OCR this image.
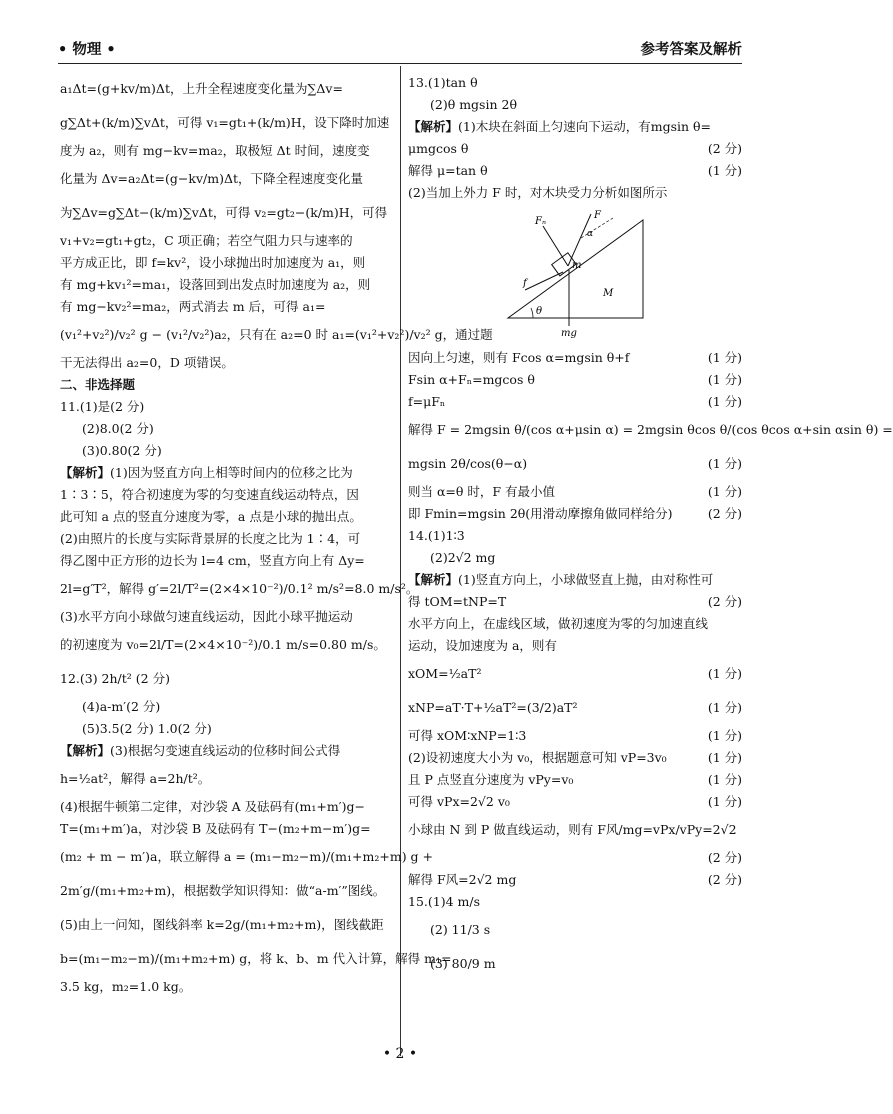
• 物理 •	参考答案及解析
a₁Δt=(g+kv/m)Δt，上升全程速度变化量为∑Δv=
g∑Δt+(k/m)∑vΔt，可得 v₁=gt₁+(k/m)H，设下降时加速
度为 a₂，则有 mg−kv=ma₂，取极短 Δt 时间，速度变
化量为 Δv=a₂Δt=(g−kv/m)Δt，下降全程速度变化量
为∑Δv=g∑Δt−(k/m)∑vΔt，可得 v₂=gt₂−(k/m)H，可得
v₁+v₂=gt₁+gt₂，C 项正确；若空气阻力只与速率的
平方成正比，即 f=kv²，设小球抛出时加速度为 a₁，则
有 mg+kv₁²=ma₁，设落回到出发点时加速度为 a₂，则
有 mg−kv₂²=ma₂，两式消去 m 后，可得 a₁=
(v₁²+v₂²)/v₂² g − (v₁²/v₂²)a₂，只有在 a₂=0 时 a₁=(v₁²+v₂²)/v₂² g，通过题
干无法得出 a₂=0，D 项错误。
二、非选择题
11.(1)是(2 分)
(2)8.0(2 分)
(3)0.80(2 分)
【解析】(1)因为竖直方向上相等时间内的位移之比为
1∶3∶5，符合初速度为零的匀变速直线运动特点，因
此可知 a 点的竖直分速度为零，a 点是小球的抛出点。
(2)由照片的长度与实际背景屏的长度之比为 1∶4，可
得乙图中正方形的边长为 l=4 cm，竖直方向上有 Δy=
2l=g′T²，解得 g′=2l/T²=(2×4×10⁻²)/0.1² m/s²=8.0 m/s²。
(3)水平方向小球做匀速直线运动，因此小球平抛运动
的初速度为 v₀=2l/T=(2×4×10⁻²)/0.1 m/s=0.80 m/s。
12.(3) 2h/t² (2 分)
(4)a-m′(2 分)
(5)3.5(2 分) 1.0(2 分)
【解析】(3)根据匀变速直线运动的位移时间公式得
h=½at²，解得 a=2h/t²。
(4)根据牛顿第二定律，对沙袋 A 及砝码有(m₁+m′)g−
T=(m₁+m′)a，对沙袋 B 及砝码有 T−(m₂+m−m′)g=
(m₂ + m − m′)a，联立解得 a = (m₁−m₂−m)/(m₁+m₂+m) g +
2m′g/(m₁+m₂+m)，根据数学知识得知：做“a-m′”图线。
(5)由上一问知，图线斜率 k=2g/(m₁+m₂+m)，图线截距
b=(m₁−m₂−m)/(m₁+m₂+m) g，将 k、b、m 代入计算，解得 m₁=
3.5 kg，m₂=1.0 kg。
13.(1)tan θ
(2)θ mgsin 2θ
【解析】(1)木块在斜面上匀速向下运动，有mgsin θ=
μmgcos θ	(2 分)
解得 μ=tan θ	(1 分)
(2)当加上外力 F 时，对木块受力分析如图所示
F
Fₙ
α
m
f
M
θ
mg
因向上匀速，则有 Fcos α=mgsin θ+f	(1 分)
Fsin α+Fₙ=mgcos θ	(1 分)
f=μFₙ	(1 分)
解得 F = 2mgsin θ/(cos α+μsin α) = 2mgsin θcos θ/(cos θcos α+sin αsin θ) =
mgsin 2θ/cos(θ−α)	(1 分)
则当 α=θ 时，F 有最小值	(1 分)
即 Fmin=mgsin 2θ(用滑动摩擦角做同样给分)	(2 分)
14.(1)1∶3
(2)2√2 mg
【解析】(1)竖直方向上，小球做竖直上抛，由对称性可
得 tOM=tNP=T	(2 分)
水平方向上，在虚线区域，做初速度为零的匀加速直线
运动，设加速度为 a，则有
xOM=½aT²	(1 分)
xNP=aT·T+½aT²=(3/2)aT²	(1 分)
可得 xOM∶xNP=1∶3	(1 分)
(2)设初速度大小为 v₀，根据题意可知 vP=3v₀	(1 分)
且 P 点竖直分速度为 vPy=v₀	(1 分)
可得 vPx=2√2 v₀	(1 分)
小球由 N 到 P 做直线运动，则有 F风/mg=vPx/vPy=2√2
(2 分)
解得 F风=2√2 mg	(2 分)
15.(1)4 m/s
(2) 11/3 s
(3) 80/9 m
• 2 •
